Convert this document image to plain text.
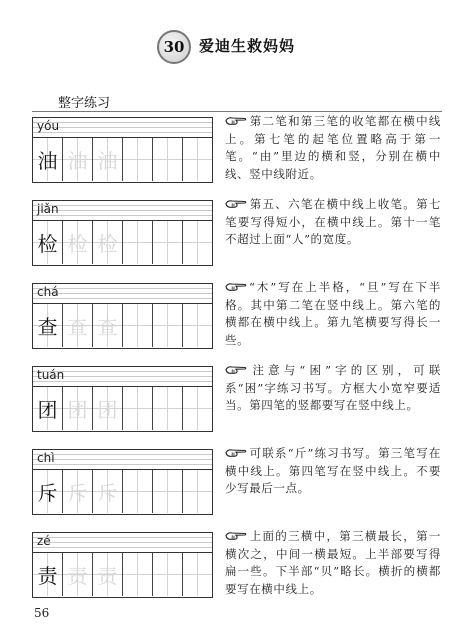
30 爱迪生救妈妈
整字练习
yóu
油 油 油
第二笔和第三笔的收笔都在横中线上。第七笔的起笔位置略高于第一笔。“由”里边的横和竖，分别在横中线、竖中线附近。
jiǎn
检 检 检
第五、六笔在横中线上收笔。第七笔要写得短小，在横中线上。第十一笔不超过上面“人”的宽度。
chá
查 查 查
“木”写在上半格，“旦”写在下半格。其中第二笔在竖中线上。第六笔的横都在横中线上。第九笔横要写得长一些。
tuán
团 团 团
注意与“困”字的区别，可联系“困”字练习书写。方框大小宽窄要适当。第四笔的竖都要写在竖中线上。
chì
斥 斥 斥
可联系“斤”练习书写。第三笔写在横中线上。第四笔写在竖中线上。不要少写最后一点。
zé
责 责 责
上面的三横中，第三横最长，第一横次之，中间一横最短。上半部要写得扁一些。下半部“贝”略长。横折的横都要写在横中线上。
56
